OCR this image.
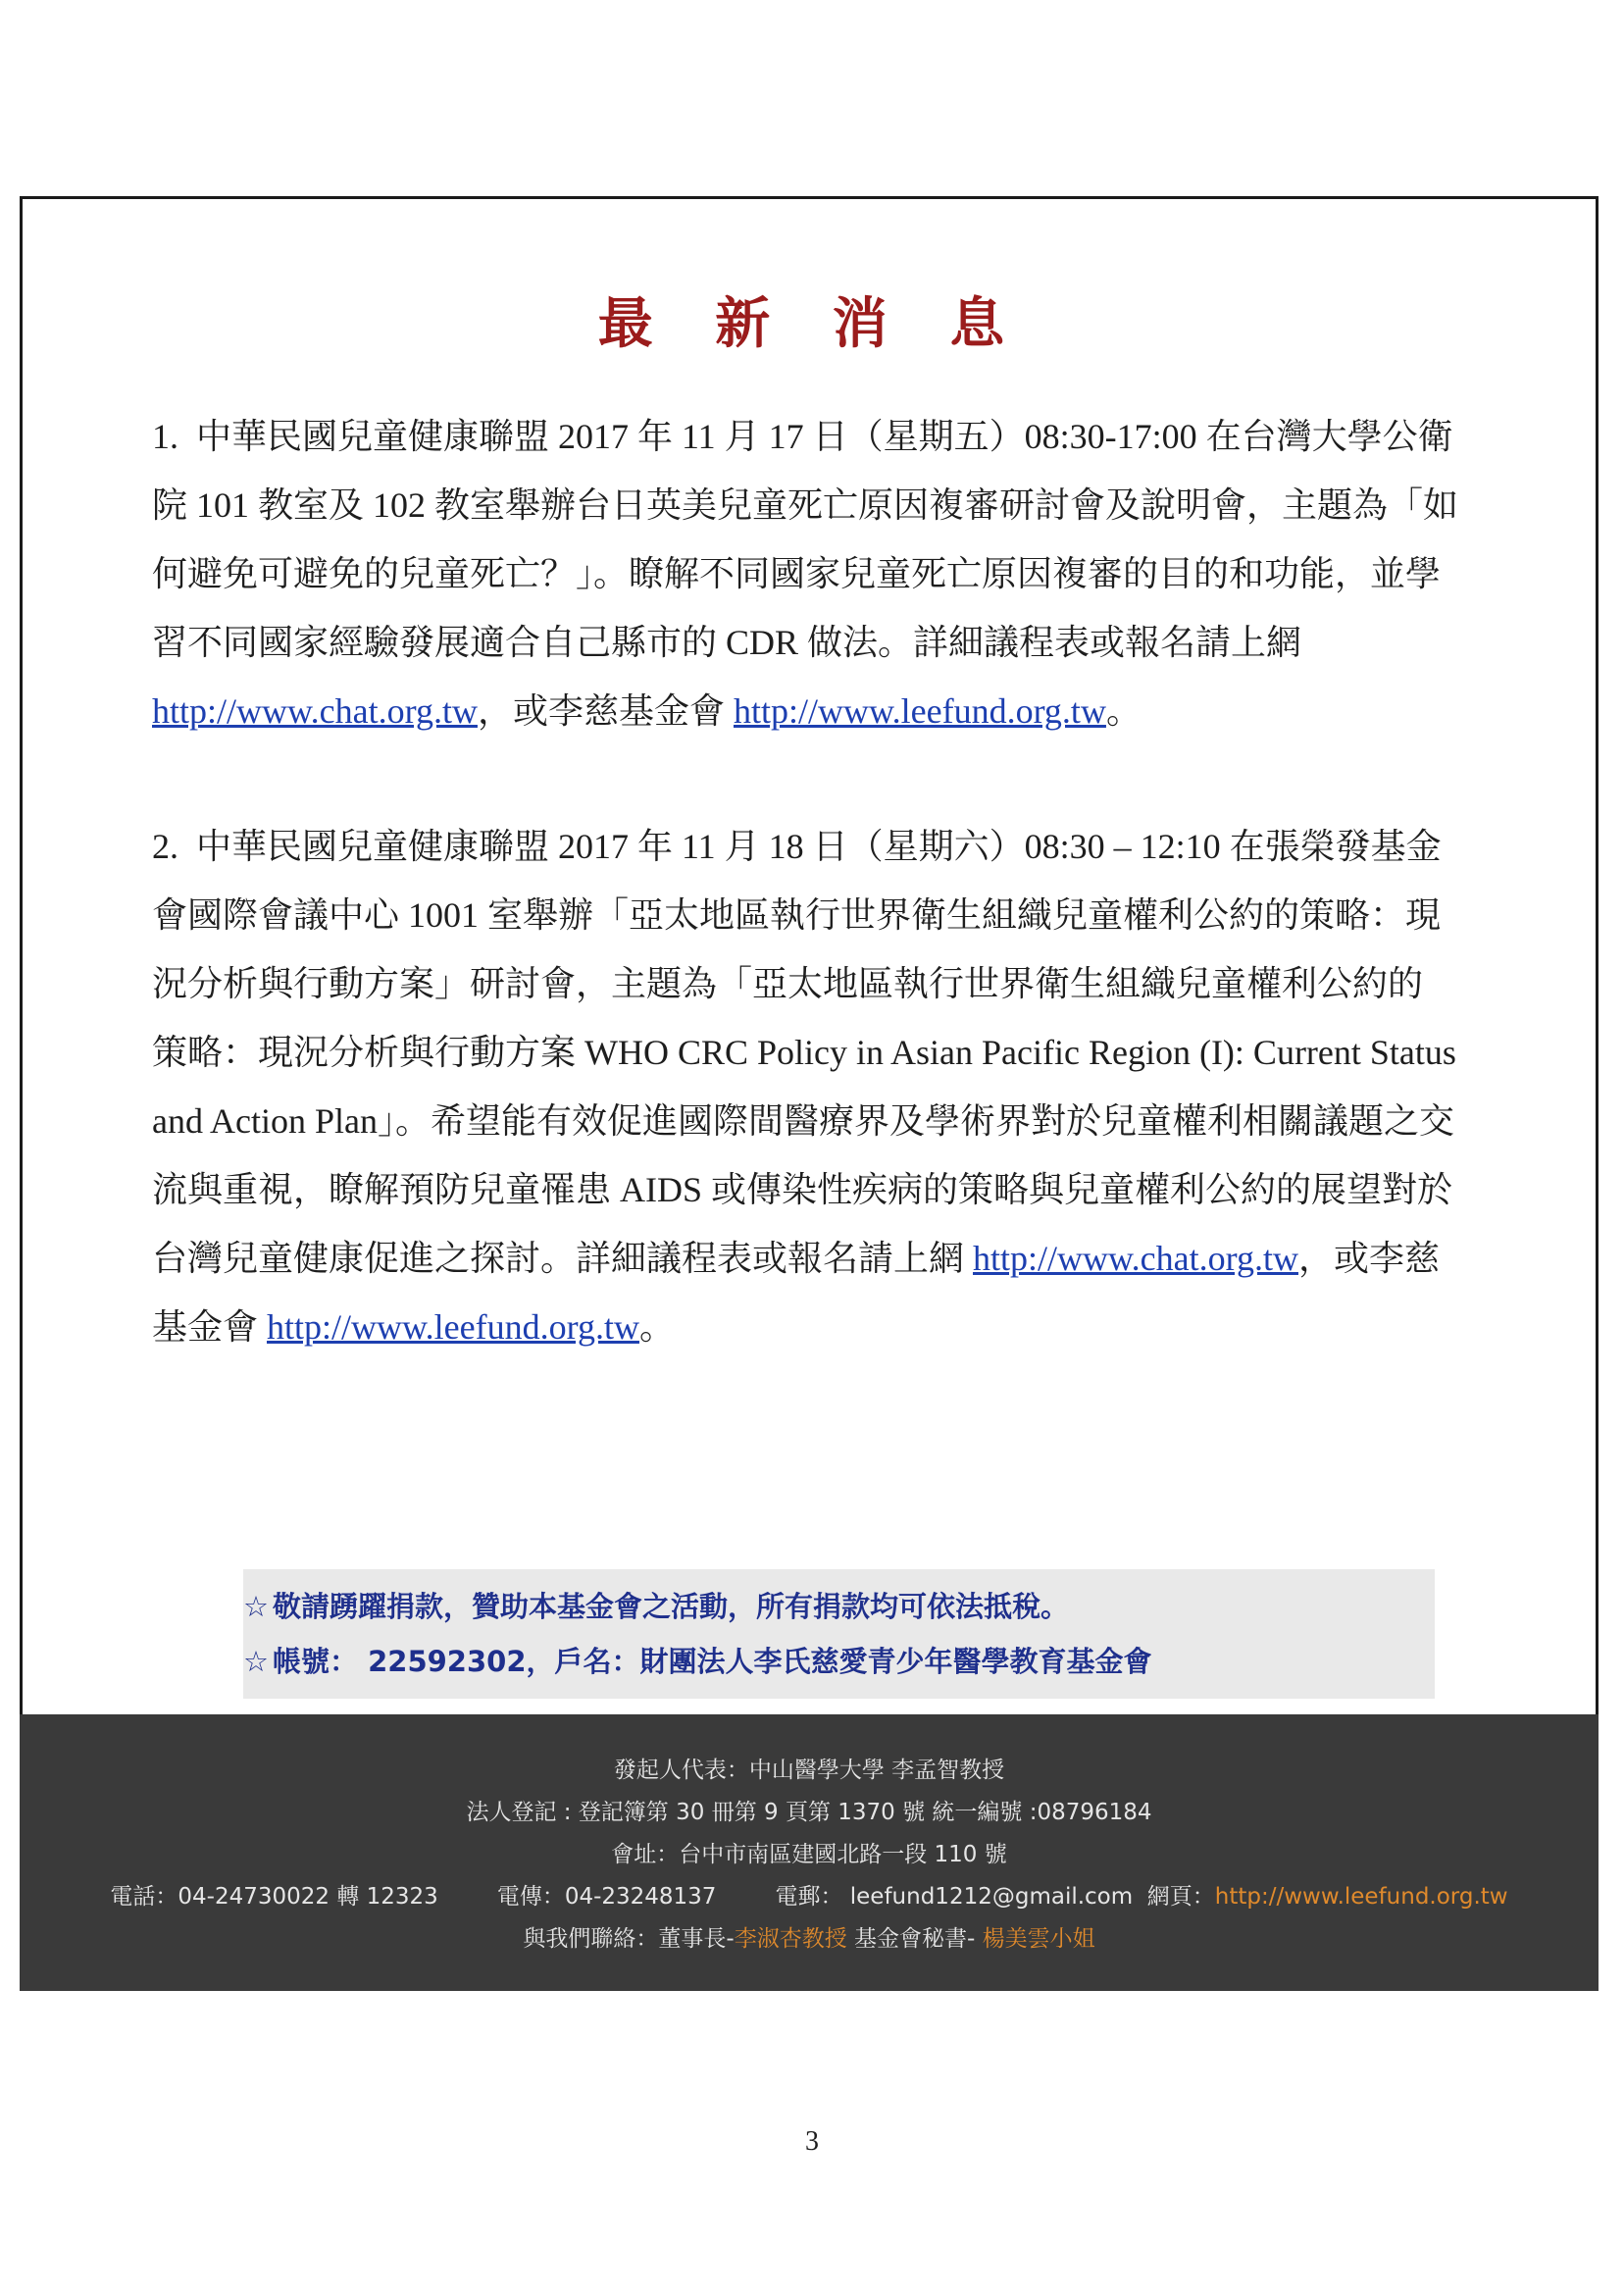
最 新 消 息
1. 中華民國兒童健康聯盟 2017 年 11 月 17 日（星期五）08:30-17:00 在台灣大學公衛
院 101 教室及 102 教室舉辦台日英美兒童死亡原因複審研討會及說明會，主題為「如
何避免可避免的兒童死亡？」。瞭解不同國家兒童死亡原因複審的目的和功能，並學
習不同國家經驗發展適合自己縣市的 CDR 做法。詳細議程表或報名請上網
http://www.chat.org.tw，或李慈基金會 http://www.leefund.org.tw。
2. 中華民國兒童健康聯盟 2017 年 11 月 18 日（星期六）08:30 – 12:10 在張榮發基金
會國際會議中心 1001 室舉辦「亞太地區執行世界衛生組織兒童權利公約的策略：現
況分析與行動方案」研討會，主題為「亞太地區執行世界衛生組織兒童權利公約的
策略：現況分析與行動方案 WHO CRC Policy in Asian Pacific Region (I): Current Status
and Action Plan」。希望能有效促進國際間醫療界及學術界對於兒童權利相關議題之交
流與重視，瞭解預防兒童罹患 AIDS 或傳染性疾病的策略與兒童權利公約的展望對於
台灣兒童健康促進之探討。詳細議程表或報名請上網 http://www.chat.org.tw，或李慈
基金會 http://www.leefund.org.tw。
☆ 敬請踴躍捐款，贊助本基金會之活動，所有捐款均可依法抵稅。
☆ 帳號： 22592302，戶名：財團法人李氏慈愛青少年醫學教育基金會
發起人代表：中山醫學大學 李孟智教授
法人登記 : 登記簿第 30 冊第 9 頁第 1370 號 統一編號 :08796184
會址：台中市南區建國北路一段 110 號
電話：04-24730022 轉 12323	電傳：04-23248137	電郵： leefund1212@gmail.com 網頁：http://www.leefund.org.tw
與我們聯絡：董事長-李淑杏教授 基金會秘書- 楊美雲小姐
3
